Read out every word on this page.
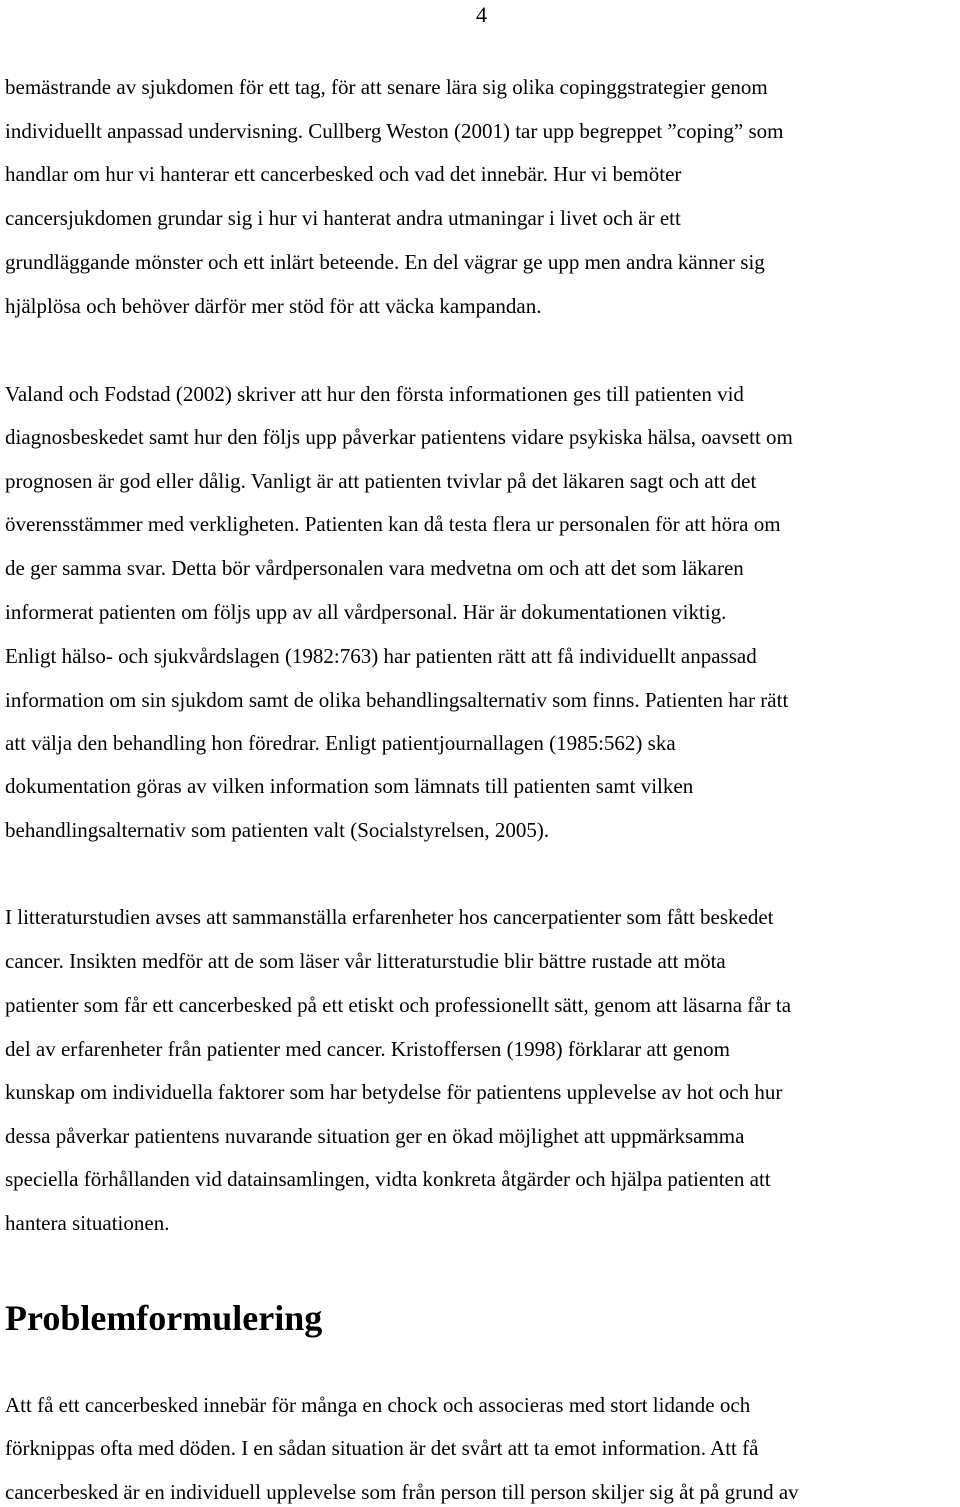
4
bemästrande av sjukdomen för ett tag, för att senare lära sig olika copinggstrategier genom
individuellt anpassad undervisning. Cullberg Weston (2001) tar upp begreppet ”coping” som
handlar om hur vi hanterar ett cancerbesked och vad det innebär. Hur vi bemöter
cancersjukdomen grundar sig i hur vi hanterat andra utmaningar i livet och är ett
grundläggande mönster och ett inlärt beteende. En del vägrar ge upp men andra känner sig
hjälplösa och behöver därför mer stöd för att väcka kampandan.
Valand och Fodstad (2002) skriver att hur den första informationen ges till patienten vid
diagnosbeskedet samt hur den följs upp påverkar patientens vidare psykiska hälsa, oavsett om
prognosen är god eller dålig. Vanligt är att patienten tvivlar på det läkaren sagt och att det
överensstämmer med verkligheten. Patienten kan då testa flera ur personalen för att höra om
de ger samma svar. Detta bör vårdpersonalen vara medvetna om och att det som läkaren
informerat patienten om följs upp av all vårdpersonal. Här är dokumentationen viktig.
Enligt hälso- och sjukvårdslagen (1982:763) har patienten rätt att få individuellt anpassad
information om sin sjukdom samt de olika behandlingsalternativ som finns. Patienten har rätt
att välja den behandling hon föredrar. Enligt patientjournallagen (1985:562) ska
dokumentation göras av vilken information som lämnats till patienten samt vilken
behandlingsalternativ som patienten valt (Socialstyrelsen, 2005).
I litteraturstudien avses att sammanställa erfarenheter hos cancerpatienter som fått beskedet
cancer. Insikten medför att de som läser vår litteraturstudie blir bättre rustade att möta
patienter som får ett cancerbesked på ett etiskt och professionellt sätt, genom att läsarna får ta
del av erfarenheter från patienter med cancer. Kristoffersen (1998) förklarar att genom
kunskap om individuella faktorer som har betydelse för patientens upplevelse av hot och hur
dessa påverkar patientens nuvarande situation ger en ökad möjlighet att uppmärksamma
speciella förhållanden vid datainsamlingen, vidta konkreta åtgärder och hjälpa patienten att
hantera situationen.
Problemformulering
Att få ett cancerbesked innebär för många en chock och associeras med stort lidande och
förknippas ofta med döden. I en sådan situation är det svårt att ta emot information. Att få
cancerbesked är en individuell upplevelse som från person till person skiljer sig åt på grund av
